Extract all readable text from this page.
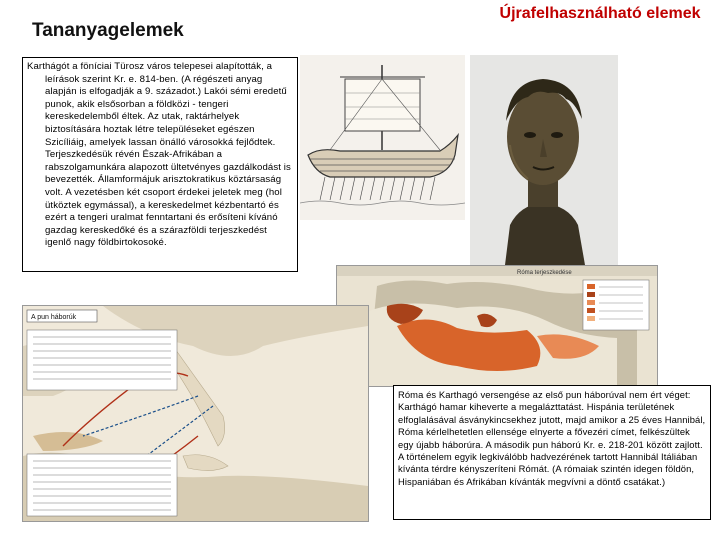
Tananyagelemek
Újrafelhasználható elemek

Karthágót a föníciai Türosz város telepesei alapították, a leírások szerint Kr. e. 814-ben. (A régészeti anyag alapján is elfogadják a 9. századot.) Lakói sémi eredetű punok, akik elsősorban a földközi - tengeri kereskedelemből éltek. Az utak, raktárhelyek biztosítására hoztak létre településeket egészen Szicíliáig, amelyek lassan önálló városokká fejlődtek. Terjeszkedésük révén Észak-Afrikában a rabszolgamunkára alapozott ültetvényes gazdálkodást is bevezették. Államformájuk arisztokratikus köztársaság volt. A vezetésben két csoport érdekei jeletek meg (hol ütköztek egymással), a kereskedelmet kézbentartó és ezért a tengeri uralmat fenntartani és erősíteni kívánó gazdag kereskedőké és a szárazföldi terjeszkedést igenlő nagy földbirtokosoké.

Róma terjeszkedése
A pun háborúk

Róma és Karthagó versengése az első pun háborúval nem ért véget: Karthágó hamar kiheverte a megalázttatást. Hispánia területének elfoglalásával ásványkincsekhez jutott, majd amikor a 25 éves Hannibál, Róma kérlelhetetlen ellensége elnyerte a fővezéri címet, felkészültek egy újabb háborúra. A második pun háború Kr. e. 218-201 között zajlott. A történelem egyik legkiválóbb hadvezérének tartott Hannibál Itáliában kívánta térdre kényszeríteni Rómát. (A rómaiak szintén idegen földön, Hispaniában és Afrikában kívánták megvívni a döntő csatákat.)
